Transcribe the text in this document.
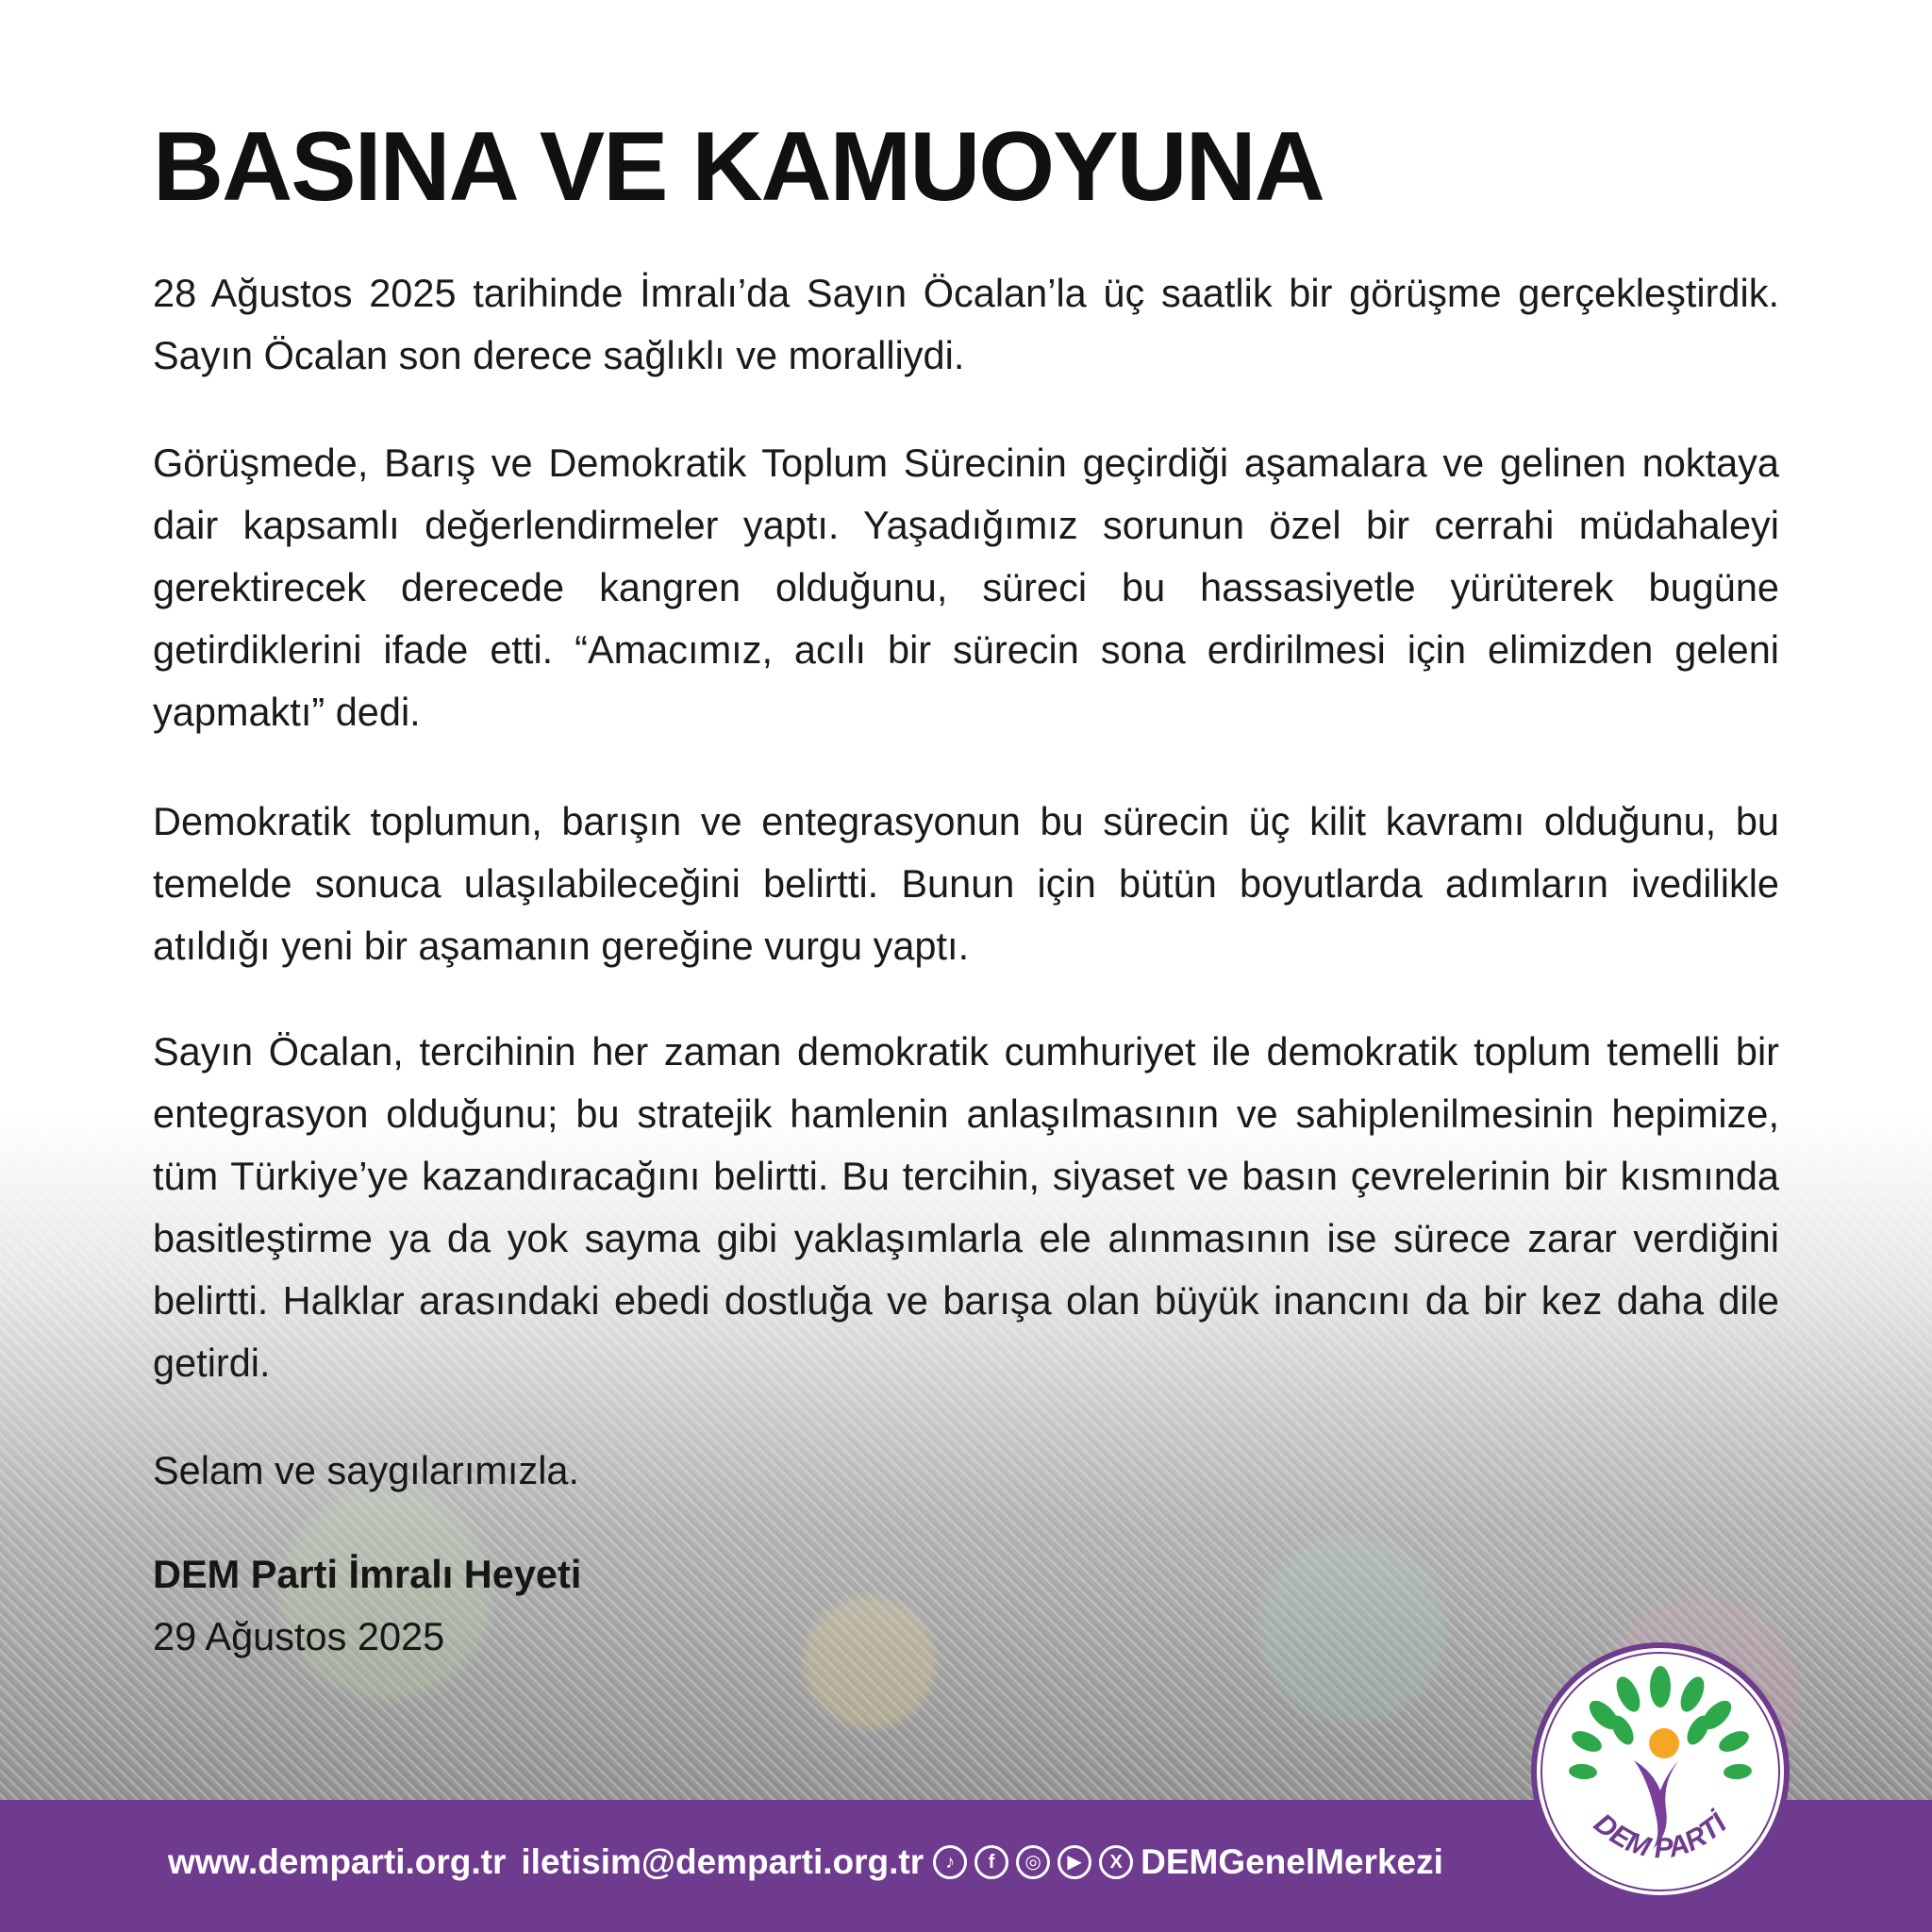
BASINA VE KAMUOYUNA

28 Ağustos 2025 tarihinde İmralı’da Sayın Öcalan’la üç saatlik bir görüşme gerçekleştirdik. Sayın Öcalan son derece sağlıklı ve moralliydi.

Görüşmede, Barış ve Demokratik Toplum Sürecinin geçirdiği aşamalara ve gelinen noktaya dair kapsamlı değerlendirmeler yaptı. Yaşadığımız sorunun özel bir cerrahi müdahaleyi gerektirecek derecede kangren olduğunu, süreci bu hassasiyetle yürüterek bugüne getirdiklerini ifade etti. “Amacımız, acılı bir sürecin sona erdirilmesi için elimizden geleni yapmaktı” dedi.

Demokratik toplumun, barışın ve entegrasyonun bu sürecin üç kilit kavramı olduğunu, bu temelde sonuca ulaşılabileceğini belirtti. Bunun için bütün boyutlarda adımların ivedilikle atıldığı yeni bir aşamanın gereğine vurgu yaptı.

Sayın Öcalan, tercihinin her zaman demokratik cumhuriyet ile demokratik toplum temelli bir entegrasyon olduğunu; bu stratejik hamlenin anlaşılmasının ve sahiplenilmesinin hepimize, tüm Türkiye’ye kazandıracağını belirtti. Bu tercihin, siyaset ve basın çevrelerinin bir kısmında basitleştirme ya da yok sayma gibi yaklaşımlarla ele alınmasının ise sürece zarar verdiğini belirtti. Halklar arasındaki ebedi dostluğa ve barışa olan büyük inancını da bir kez daha dile getirdi.

Selam ve saygılarımızla.
DEM Parti İmralı Heyeti
29 Ağustos 2025
www.demparti.org.tr iletisim@demparti.org.tr	♪	f	◎	▶	X DEMGenelMerkezi
DEM PARTİ
